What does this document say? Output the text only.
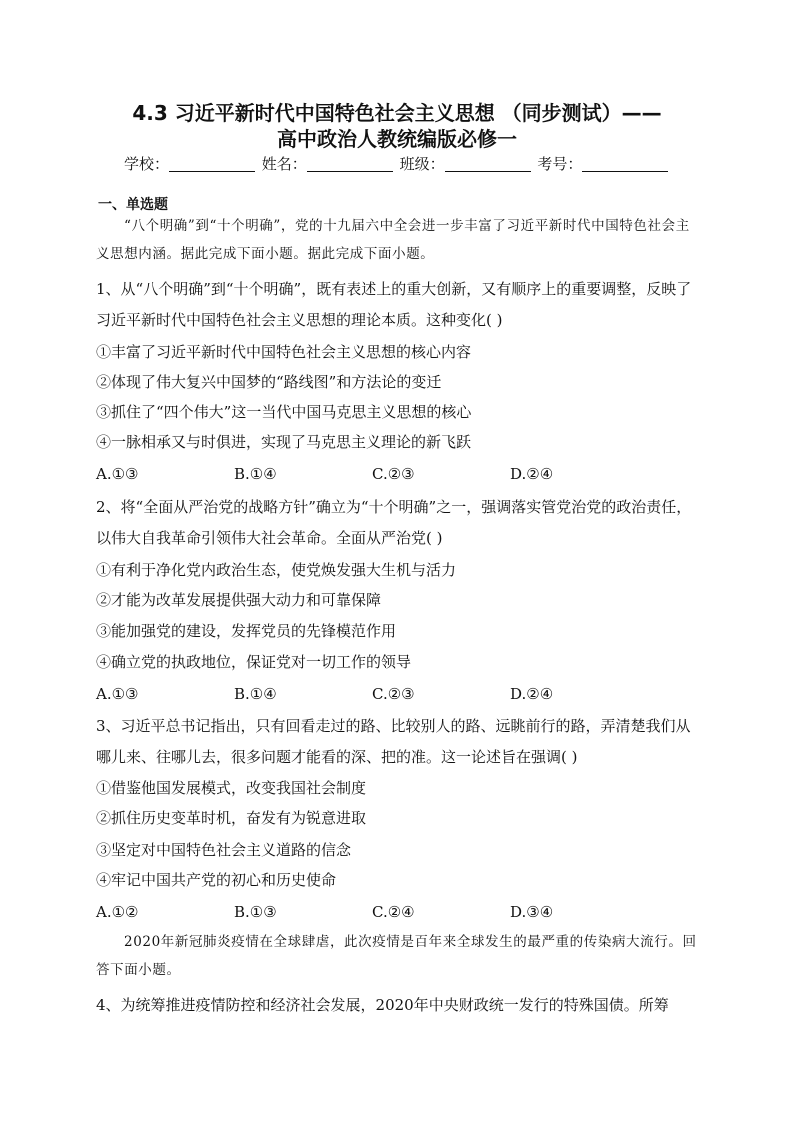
4.3 习近平新时代中国特色社会主义思想 （同步测试）——
高中政治人教统编版必修一
学校：	姓名：	班级：	考号：
一、单选题

“八个明确”到“十个明确”，党的十九届六中全会进一步丰富了习近平新时代中国特色社会主义思想内涵。据此完成下面小题。据此完成下面小题。

1、从“八个明确”到“十个明确”，既有表述上的重大创新，又有顺序上的重要调整，反映了习近平新时代中国特色社会主义思想的理论本质。这种变化( )

①丰富了习近平新时代中国特色社会主义思想的核心内容
②体现了伟大复兴中国梦的“路线图”和方法论的变迁
③抓住了“四个伟大”这一当代中国马克思主义思想的核心
④一脉相承又与时俱进，实现了马克思主义理论的新飞跃
A.①③	B.①④	C.②③	D.②④

2、将“全面从严治党的战略方针”确立为“十个明确”之一，强调落实管党治党的政治责任，以伟大自我革命引领伟大社会革命。全面从严治党( )

①有利于净化党内政治生态，使党焕发强大生机与活力
②才能为改革发展提供强大动力和可靠保障
③能加强党的建设，发挥党员的先锋模范作用
④确立党的执政地位，保证党对一切工作的领导
A.①③	B.①④	C.②③	D.②④

3、习近平总书记指出，只有回看走过的路、比较别人的路、远眺前行的路，弄清楚我们从哪儿来、往哪儿去，很多问题才能看的深、把的准。这一论述旨在强调( )

①借鉴他国发展模式，改变我国社会制度
②抓住历史变革时机，奋发有为锐意进取
③坚定对中国特色社会主义道路的信念
④牢记中国共产党的初心和历史使命
A.①②	B.①③	C.②④	D.③④

2020年新冠肺炎疫情在全球肆虐，此次疫情是百年来全球发生的最严重的传染病大流行。回答下面小题。

4、为统筹推进疫情防控和经济社会发展，2020年中央财政统一发行的特殊国债。所筹
